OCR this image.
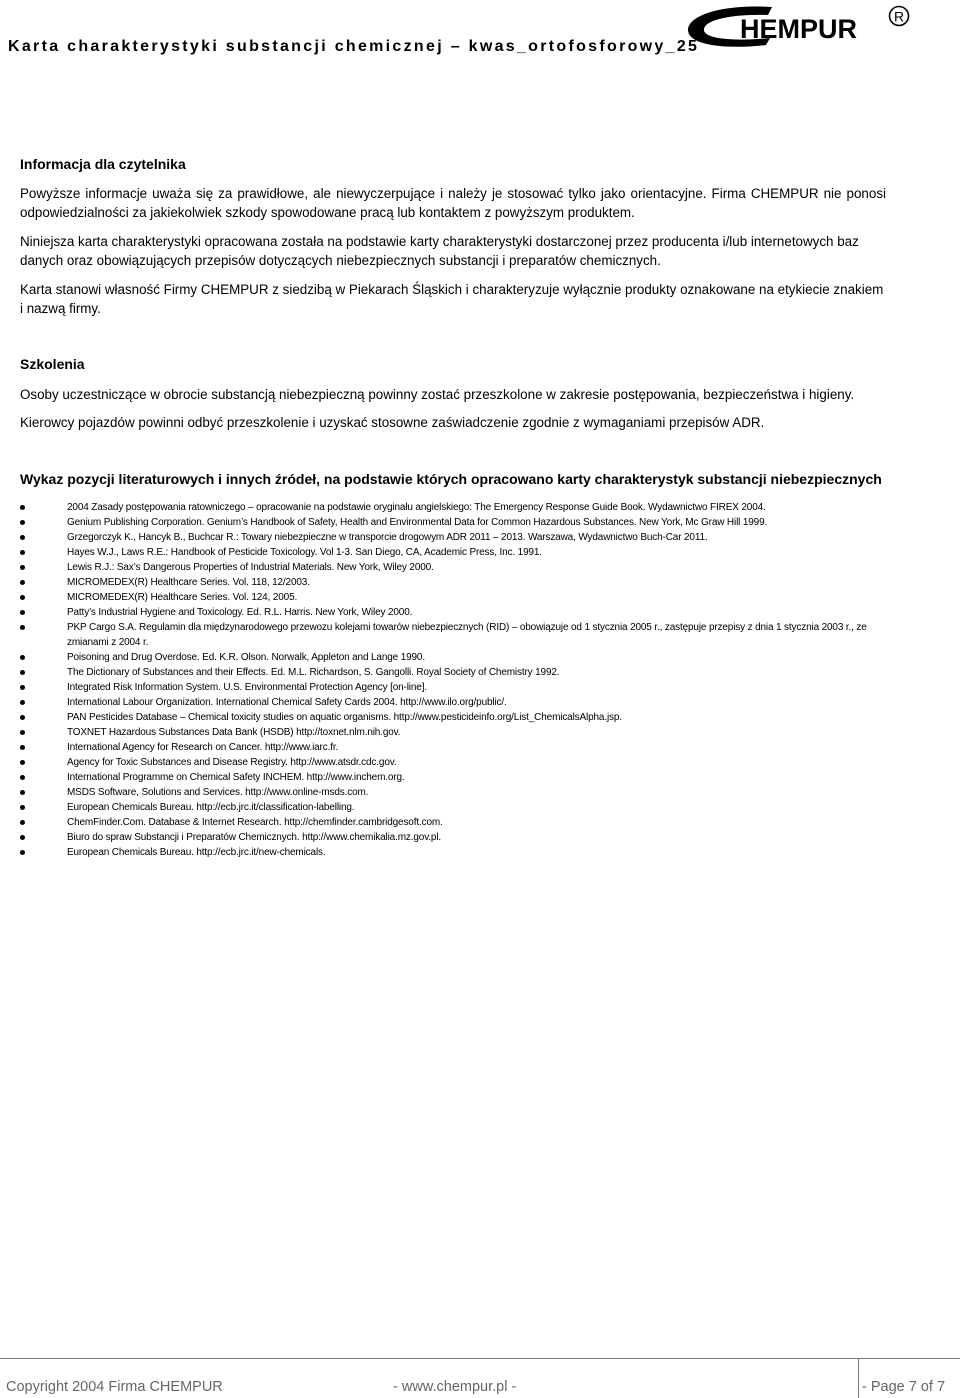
Karta charakterystyki substancji chemicznej – kwas_ortofosforowy_25
HEMPUR	R
Informacja dla czytelnika
Powyższe informacje uważa się za prawidłowe, ale niewyczerpujące i należy je stosować tylko jako orientacyjne. Firma CHEMPUR nie ponosi odpowiedzialności za jakiekolwiek szkody spowodowane pracą lub kontaktem z powyższym produktem.
Niniejsza karta charakterystyki opracowana została na podstawie karty charakterystyki dostarczonej przez producenta i/lub internetowych baz danych oraz obowiązujących przepisów dotyczących niebezpiecznych substancji i preparatów chemicznych.
Karta stanowi własność Firmy CHEMPUR z siedzibą w Piekarach Śląskich i charakteryzuje wyłącznie produkty oznakowane na etykiecie znakiem i nazwą firmy.
Szkolenia
Osoby uczestniczące w obrocie substancją niebezpieczną powinny zostać przeszkolone w zakresie postępowania, bezpieczeństwa i higieny.
Kierowcy pojazdów powinni odbyć przeszkolenie i uzyskać stosowne zaświadczenie zgodnie z wymaganiami przepisów ADR.
Wykaz pozycji literaturowych i innych źródeł, na podstawie których opracowano karty charakterystyk substancji niebezpiecznych
2004 Zasady postępowania ratowniczego – opracowanie na podstawie oryginału angielskiego: The Emergency Response Guide Book. Wydawnictwo FIREX 2004.
Genium Publishing Corporation. Genium’s Handbook of Safety, Health and Environmental Data for Common Hazardous Substances. New York, Mc Graw Hill 1999.
Grzegorczyk K., Hancyk B., Buchcar R.: Towary niebezpieczne w transporcie drogowym ADR 2011 – 2013. Warszawa, Wydawnictwo Buch-Car 2011.
Hayes W.J., Laws R.E.: Handbook of Pesticide Toxicology. Vol 1-3. San Diego, CA, Academic Press, Inc. 1991.
Lewis R.J.: Sax’s Dangerous Properties of Industrial Materials. New York, Wiley 2000.
MICROMEDEX(R) Healthcare Series. Vol. 118, 12/2003.
MICROMEDEX(R) Healthcare Series. Vol. 124, 2005.
Patty’s Industrial Hygiene and Toxicology. Ed. R.L. Harris. New York, Wiley 2000.
PKP Cargo S.A. Regulamin dla międzynarodowego przewozu kolejami towarów niebezpiecznych (RID) – obowiązuje od 1 stycznia 2005 r., zastępuje przepisy z dnia 1 stycznia 2003 r., ze zmianami z 2004 r.
Poisoning and Drug Overdose. Ed. K.R. Olson. Norwalk, Appleton and Lange 1990.
The Dictionary of Substances and their Effects. Ed. M.L. Richardson, S. Gangolli. Royal Society of Chemistry 1992.
Integrated Risk Information System. U.S. Environmental Protection Agency [on-line].
International Labour Organization. International Chemical Safety Cards 2004. http://www.ilo.org/public/.
PAN Pesticides Database – Chemical toxicity studies on aquatic organisms. http://www.pesticideinfo.org/List_ChemicalsAlpha.jsp.
TOXNET Hazardous Substances Data Bank (HSDB) http://toxnet.nlm.nih.gov.
International Agency for Research on Cancer. http://www.iarc.fr.
Agency for Toxic Substances and Disease Registry. http://www.atsdr.cdc.gov.
International Programme on Chemical Safety INCHEM. http://www.inchem.org.
MSDS Software, Solutions and Services. http://www.online-msds.com.
European Chemicals Bureau. http://ecb.jrc.it/classification-labelling.
ChemFinder.Com. Database & Internet Research. http://chemfinder.cambridgesoft.com.
Biuro do spraw Substancji i Preparatów Chemicznych. http://www.chemikalia.mz.gov.pl.
European Chemicals Bureau. http://ecb.jrc.it/new-chemicals.
Copyright 2004 Firma CHEMPUR	- www.chempur.pl -	- Page 7 of 7
